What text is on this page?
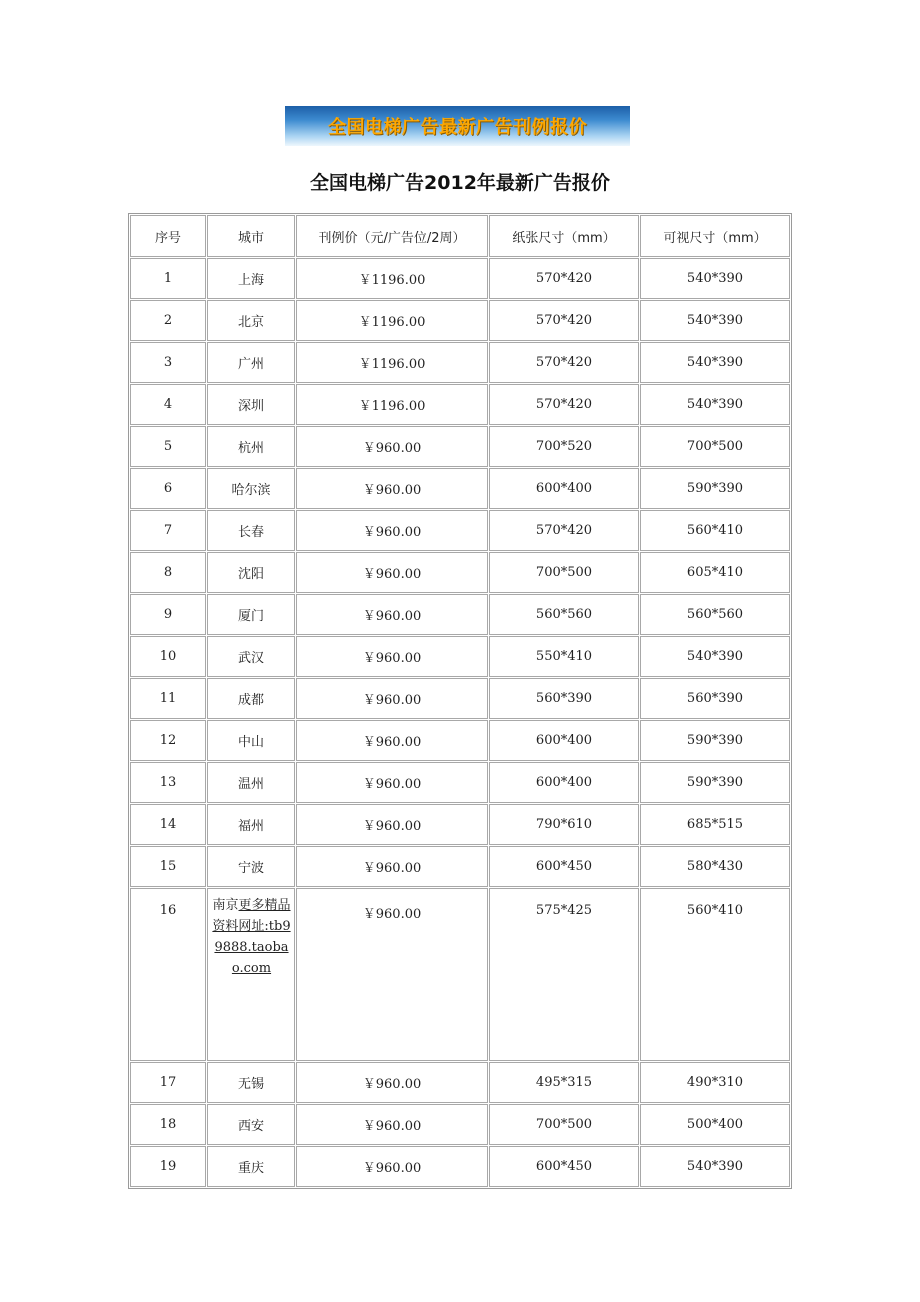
全国电梯广告最新广告刊例报价
全国电梯广告2012年最新广告报价
序号	城市	刊例价（元/广告位/2周）	纸张尺寸（mm）	可视尺寸（mm）
1	上海	￥1196.00	570*420	540*390
2	北京	￥1196.00	570*420	540*390
3	广州	￥1196.00	570*420	540*390
4	深圳	￥1196.00	570*420	540*390
5	杭州	￥960.00	700*520	700*500
6	哈尔滨	￥960.00	600*400	590*390
7	长春	￥960.00	570*420	560*410
8	沈阳	￥960.00	700*500	605*410
9	厦门	￥960.00	560*560	560*560
10	武汉	￥960.00	550*410	540*390
11	成都	￥960.00	560*390	560*390
12	中山	￥960.00	600*400	590*390
13	温州	￥960.00	600*400	590*390
14	福州	￥960.00	790*610	685*515
15	宁波	￥960.00	600*450	580*430
16	南京更多精品资料网址:tb99888.taobao.com	￥960.00	575*425	560*410
17	无锡	￥960.00	495*315	490*310
18	西安	￥960.00	700*500	500*400
19	重庆	￥960.00	600*450	540*390
